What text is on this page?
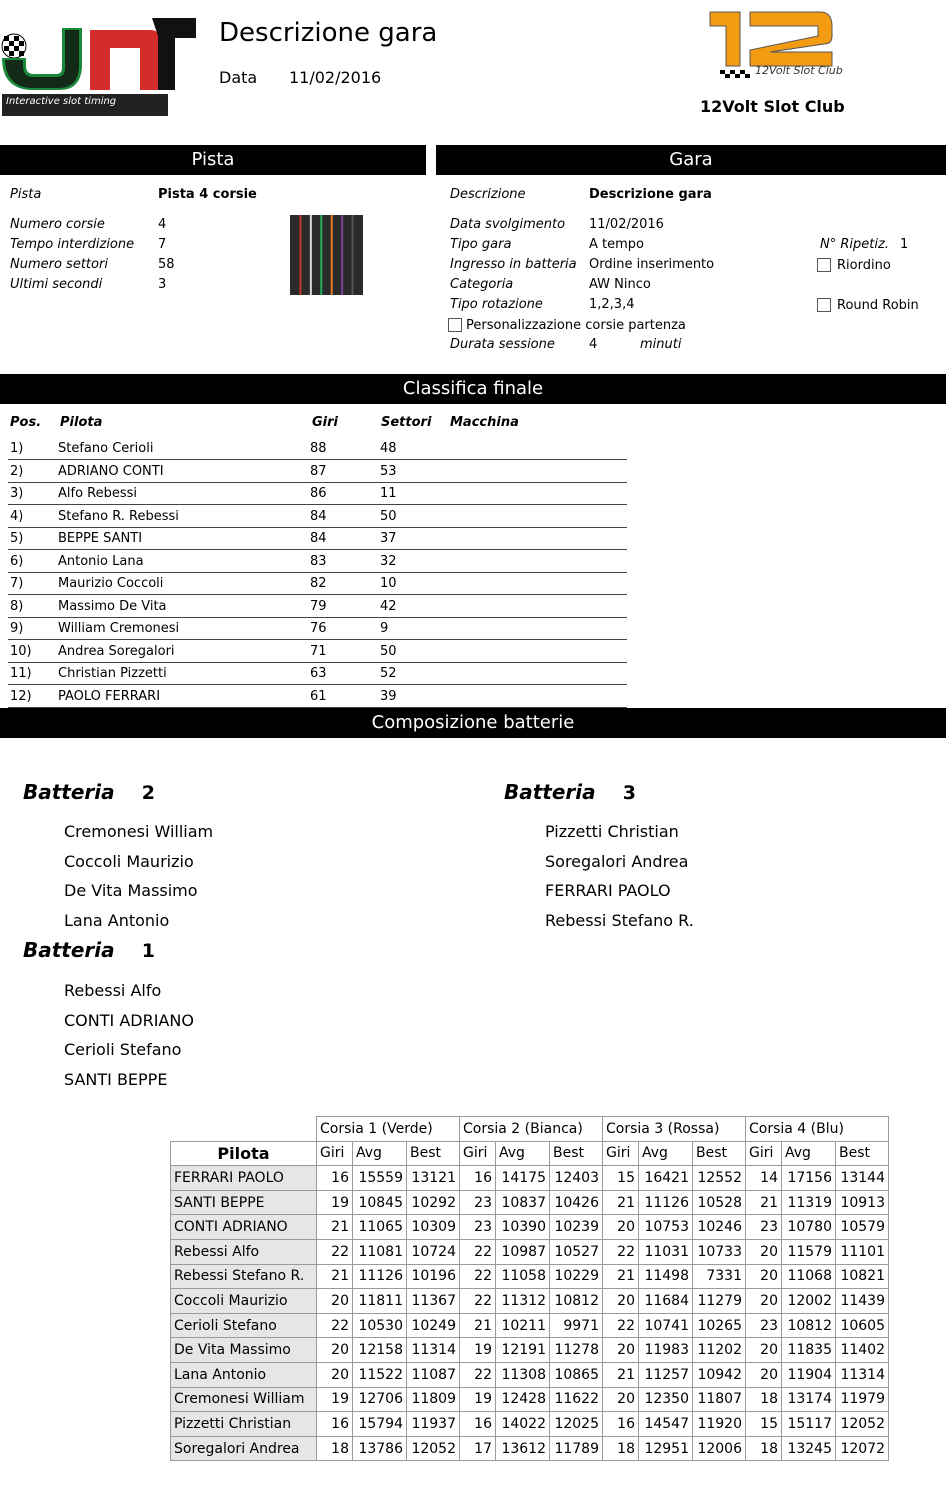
Interactive slot timing
Descrizione gara
Data 11/02/2016	12Volt Slot Club
12Volt Slot Club
Pista	Gara
Pista	Pista 4 corsie
Numero corsie	4
Tempo interdizione 7
Numero settori	58
Ultimi secondi	3
Descrizione	Descrizione gara
Data svolgimento 11/02/2016
Tipo gara	A tempo
Ingresso in batteria Ordine inserimento
Categoria	AW Ninco
Tipo rotazione	1,2,3,4
Personalizzazione corsie partenza
Durata sessione	4	minuti
N° Ripetiz. 1
Riordino
Round Robin
Classifica finale
Pos. Pilota	Giri	Settori Macchina
1)	Stefano Cerioli	88	48
2)	ADRIANO CONTI	87	53
3)	Alfo Rebessi	86	11
4)	Stefano R. Rebessi	84	50
5)	BEPPE SANTI	84	37
6)	Antonio Lana	83	32
7)	Maurizio Coccoli	82	10
8)	Massimo De Vita	79	42
9)	William Cremonesi	76	9
10) Andrea Soregalori	71	50
11) Christian Pizzetti	63	52
12) PAOLO FERRARI	61	39
Composizione batterie
Batteria 2
Cremonesi William
Coccoli Maurizio
De Vita Massimo
Lana Antonio
Batteria 3
Pizzetti Christian
Soregalori Andrea
FERRARI PAOLO
Rebessi Stefano R.
Batteria 1
Rebessi Alfo
CONTI ADRIANO
Cerioli Stefano
SANTI BEPPE
	Corsia 1 (Verde)			Corsia 2 (Bianca)			Corsia 3 (Rossa)			Corsia 4 (Blu)		
Pilota	Giri	Avg	Best	Giri	Avg	Best	Giri	Avg	Best	Giri	Avg	Best
FERRARI PAOLO	16	15559	13121	16	14175	12403	15	16421	12552	14	17156	13144
SANTI BEPPE	19	10845	10292	23	10837	10426	21	11126	10528	21	11319	10913
CONTI ADRIANO	21	11065	10309	23	10390	10239	20	10753	10246	23	10780	10579
Rebessi Alfo	22	11081	10724	22	10987	10527	22	11031	10733	20	11579	11101
Rebessi Stefano R.	21	11126	10196	22	11058	10229	21	11498	7331	20	11068	10821
Coccoli Maurizio	20	11811	11367	22	11312	10812	20	11684	11279	20	12002	11439
Cerioli Stefano	22	10530	10249	21	10211	9971	22	10741	10265	23	10812	10605
De Vita Massimo	20	12158	11314	19	12191	11278	20	11983	11202	20	11835	11402
Lana Antonio	20	11522	11087	22	11308	10865	21	11257	10942	20	11904	11314
Cremonesi William	19	12706	11809	19	12428	11622	20	12350	11807	18	13174	11979
Pizzetti Christian	16	15794	11937	16	14022	12025	16	14547	11920	15	15117	12052
Soregalori Andrea	18	13786	12052	17	13612	11789	18	12951	12006	18	13245	12072
